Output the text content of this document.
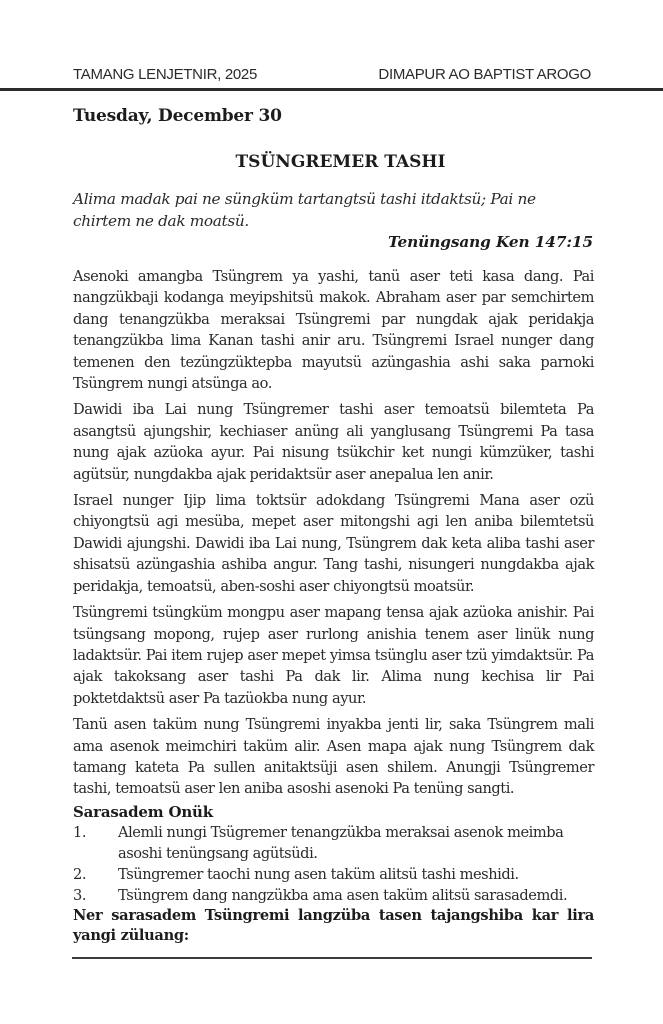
TAMANG LENJETNIR, 2025	DIMAPUR AO BAPTIST AROGO
Tuesday, December 30
TSÜNGREMER TASHI
Alima madak pai ne süngküm tartangtsü tashi itdaktsü; Pai ne chirtem ne dak moatsü.
Tenüngsang Ken 147:15

Asenoki amangba Tsüngrem ya yashi, tanü aser teti kasa dang. Pai nangzükbaji kodanga meyipshitsü makok. Abraham aser par semchirtem dang tenangzükba meraksai Tsüngremi par nungdak ajak peridakja tenangzükba lima Kanan tashi anir aru. Tsüngremi Israel nunger dang temenen den tezüngzüktepba mayutsü azüngashia ashi saka parnoki Tsüngrem nungi atsünga ao.

Dawidi iba Lai nung Tsüngremer tashi aser temoatsü bilemteta Pa asangtsü ajungshir, kechiaser anüng ali yanglusang Tsüngremi Pa tasa nung ajak azüoka ayur. Pai nisung tsükchir ket nungi kümzüker, tashi agütsür, nungdakba ajak peridaktsür aser anepalua len anir.

Israel nunger Ijip lima toktsür adokdang Tsüngremi Mana aser ozü chiyongtsü agi mesüba, mepet aser mitongshi agi len aniba bilemtetsü Dawidi ajungshi. Dawidi iba Lai nung, Tsüngrem dak keta aliba tashi aser shisatsü azüngashia ashiba angur. Tang tashi, nisungeri nungdakba ajak peridakja, temoatsü, aben-soshi aser chiyongtsü moatsür.

Tsüngremi tsüngküm mongpu aser mapang tensa ajak azüoka anishir. Pai tsüngsang mopong, rujep aser rurlong anishia tenem aser linük nung ladaktsür. Pai item rujep aser mepet yimsa tsünglu aser tzü yimdaktsür. Pa ajak takoksang aser tashi Pa dak lir. Alima nung kechisa lir Pai poktetdaktsü aser Pa tazüokba nung ayur.

Tanü asen taküm nung Tsüngremi inyakba jenti lir, saka Tsüngrem mali ama asenok meimchiri taküm alir. Asen mapa ajak nung Tsüngrem dak tamang kateta Pa sullen anitaktsüji asen shilem. Anungji Tsüngremer tashi, temoatsü aser len aniba asoshi asenoki Pa tenüng sangti.

Sarasadem Onük
1. Alemli nungi Tsügremer tenangzükba meraksai asenok meimba asoshi tenüngsang agütsüdi.
2. Tsüngremer taochi nung asen taküm alitsü tashi meshidi.
3. Tsüngrem dang nangzükba ama asen taküm alitsü sarasademdi.

Ner sarasadem Tsüngremi langzüba tasen tajangshiba kar lira yangi züluang:
